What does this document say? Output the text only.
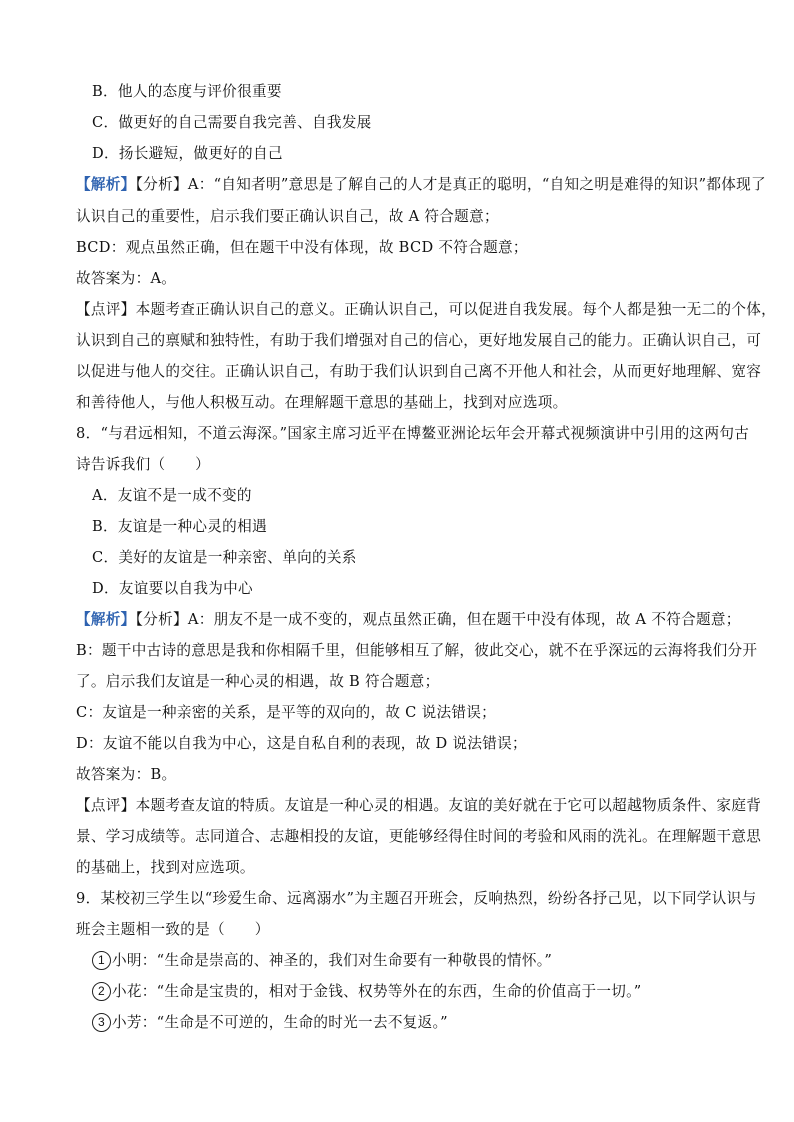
B．他人的态度与评价很重要
C．做更好的自己需要自我完善、自我发展
D．扬长避短，做更好的自己
【解析】【分析】A：“自知者明”意思是了解自己的人才是真正的聪明，“自知之明是难得的知识”都体现了
认识自己的重要性，启示我们要正确认识自己，故 A 符合题意；
BCD：观点虽然正确，但在题干中没有体现，故 BCD 不符合题意；
故答案为：A。
【点评】本题考查正确认识自己的意义。正确认识自己，可以促进自我发展。每个人都是独一无二的个体，
认识到自己的禀赋和独特性，有助于我们增强对自己的信心，更好地发展自己的能力。正确认识自己，可
以促进与他人的交往。正确认识自己，有助于我们认识到自己离不开他人和社会，从而更好地理解、宽容
和善待他人，与他人积极互动。在理解题干意思的基础上，找到对应选项。
8．“与君远相知，不道云海深。”国家主席习近平在博鳌亚洲论坛年会开幕式视频演讲中引用的这两句古
诗告诉我们（　　）
A．友谊不是一成不变的
B．友谊是一种心灵的相遇
C．美好的友谊是一种亲密、单向的关系
D．友谊要以自我为中心
【解析】【分析】A：朋友不是一成不变的，观点虽然正确，但在题干中没有体现，故 A 不符合题意；
B：题干中古诗的意思是我和你相隔千里，但能够相互了解，彼此交心，就不在乎深远的云海将我们分开
了。启示我们友谊是一种心灵的相遇，故 B 符合题意；
C：友谊是一种亲密的关系，是平等的双向的，故 C 说法错误；
D：友谊不能以自我为中心，这是自私自利的表现，故 D 说法错误；
故答案为：B。
【点评】本题考查友谊的特质。友谊是一种心灵的相遇。友谊的美好就在于它可以超越物质条件、家庭背
景、学习成绩等。志同道合、志趣相投的友谊，更能够经得住时间的考验和风雨的洗礼。在理解题干意思
的基础上，找到对应选项。
9．某校初三学生以“珍爱生命、远离溺水”为主题召开班会，反响热烈，纷纷各抒己见，以下同学认识与
班会主题相一致的是（　　）
1 小明：“生命是崇高的、神圣的，我们对生命要有一种敬畏的情怀。”
2 小花：“生命是宝贵的，相对于金钱、权势等外在的东西，生命的价值高于一切。”
3 小芳：“生命是不可逆的，生命的时光一去不复返。”
